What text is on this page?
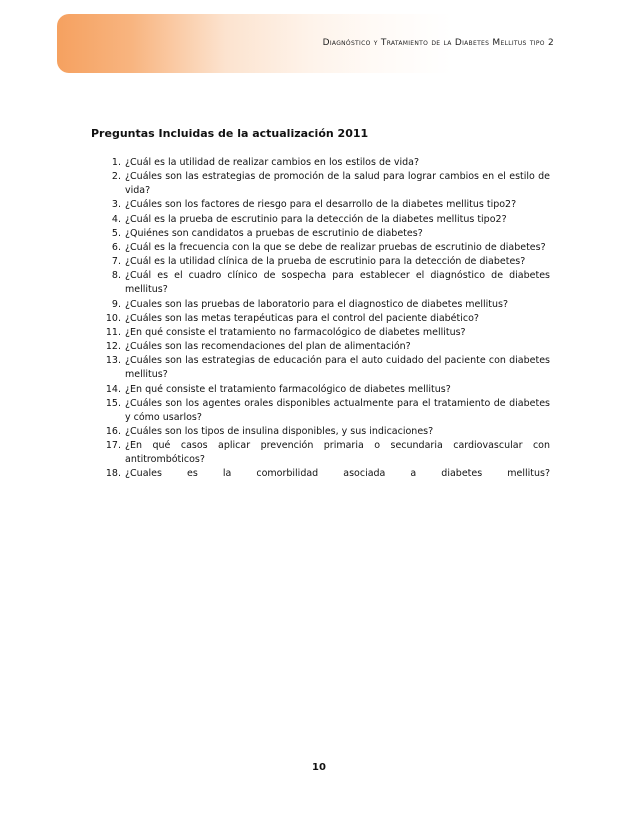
Diagnóstico y Tratamiento de la Diabetes Mellitus tipo 2
Preguntas Incluidas de la actualización 2011
1. ¿Cuál es la utilidad de realizar cambios en los estilos de vida?
2. ¿Cuáles son las estrategias de promoción de la salud para lograr cambios en el estilo de vida?
3. ¿Cuáles son los factores de riesgo para el desarrollo de la diabetes mellitus tipo2?
4. ¿Cuál es la prueba de escrutinio para la detección de la diabetes mellitus tipo2?
5. ¿Quiénes son candidatos a pruebas de escrutinio de diabetes?
6. ¿Cuál es la frecuencia con la que se debe de realizar pruebas de escrutinio de diabetes?
7. ¿Cuál es la utilidad clínica de la prueba de escrutinio para la detección de diabetes?
8. ¿Cuál es el cuadro clínico de sospecha para establecer el diagnóstico de diabetes mellitus?
9. ¿Cuales son las pruebas de laboratorio para el diagnostico de diabetes mellitus?
10. ¿Cuáles son las metas terapéuticas para el control del paciente diabético?
11. ¿En qué consiste el tratamiento no farmacológico de diabetes mellitus?
12. ¿Cuáles son las recomendaciones del plan de alimentación?
13. ¿Cuáles son las estrategias de educación para el auto cuidado del paciente con diabetes mellitus?
14. ¿En qué consiste el tratamiento farmacológico de diabetes mellitus?
15. ¿Cuáles son los agentes orales disponibles actualmente para el tratamiento de diabetes y cómo usarlos?
16. ¿Cuáles son los tipos de insulina disponibles, y sus indicaciones?
17. ¿En qué casos aplicar prevención primaria o secundaria cardiovascular con antitrombóticos?
18. ¿Cuales es la comorbilidad asociada a diabetes mellitus?
10
